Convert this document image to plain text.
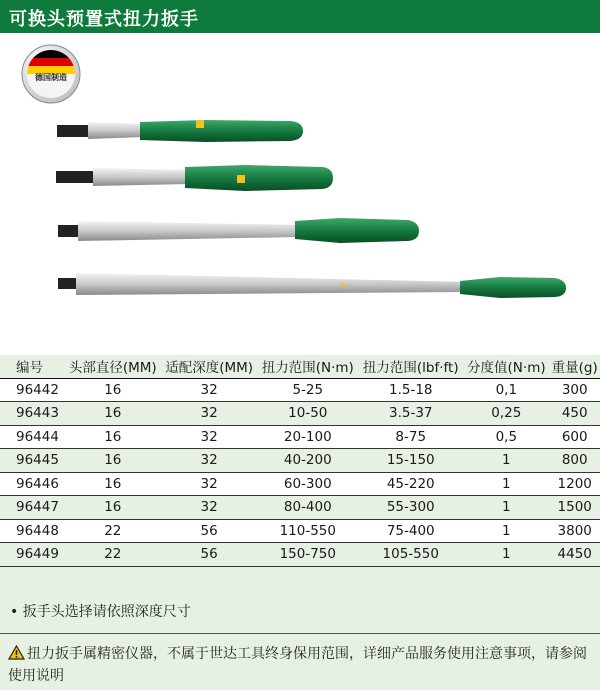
可换头预置式扭力扳手
德国制造
编号	头部直径(MM)	适配深度(MM)	扭力范围(N·m)	扭力范围(lbf·ft)	分度值(N·m)	重量(g)
96442	16	32	5-25	1.5-18	0,1	300
96443	16	32	10-50	3.5-37	0,25	450
96444	16	32	20-100	8-75	0,5	600
96445	16	32	40-200	15-150	1	800
96446	16	32	60-300	45-220	1	1200
96447	16	32	80-400	55-300	1	1500
96448	22	56	110-550	75-400	1	3800
96449	22	56	150-750	105-550	1	4450
• 扳手头选择请依照深度尺寸
扭力扳手属精密仪器，不属于世达工具终身保用范围，详细产品服务使用注意事项，请参阅使用说明
